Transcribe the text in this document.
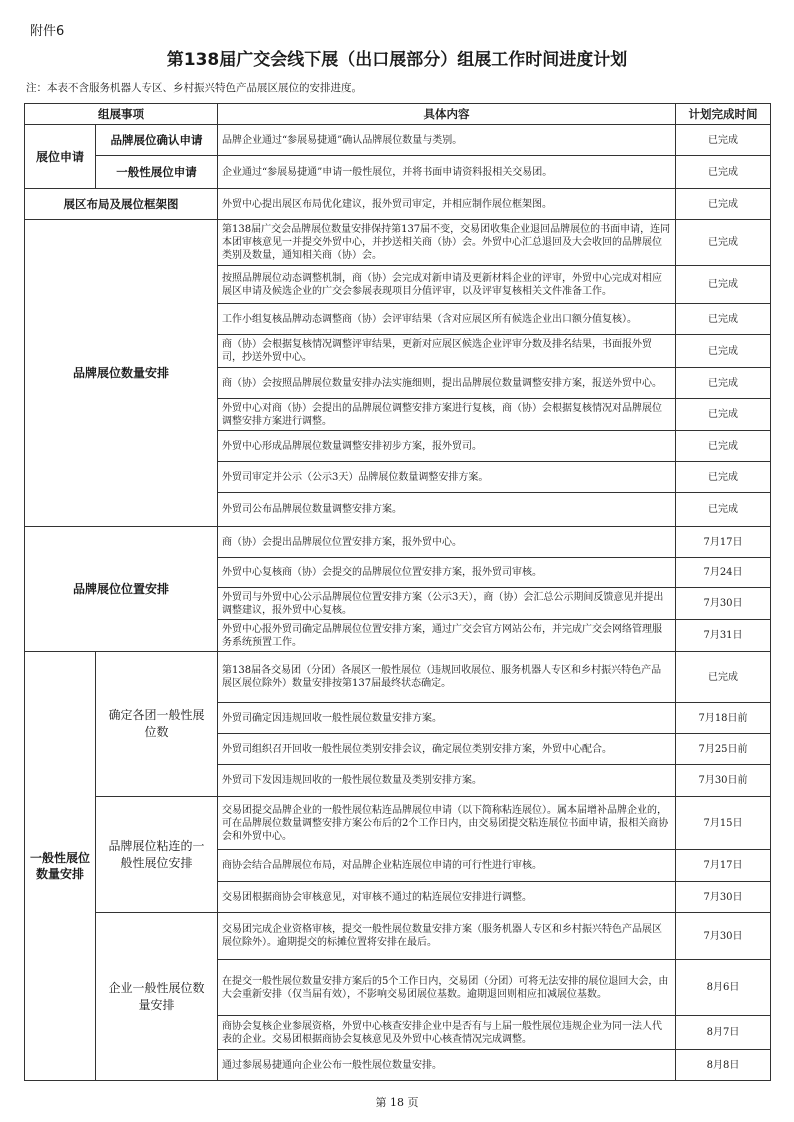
附件6
第138届广交会线下展（出口展部分）组展工作时间进度计划
注：本表不含服务机器人专区、乡村振兴特色产品展区展位的安排进度。
组展事项		具体内容	计划完成时间
展位申请	品牌展位确认申请	品牌企业通过“参展易捷通”确认品牌展位数量与类别。	已完成
	一般性展位申请	企业通过“参展易捷通”申请一般性展位，并将书面申请资料报相关交易团。	已完成
展区布局及展位框架图		外贸中心提出展区布局优化建议，报外贸司审定，并相应制作展位框架图。	已完成
品牌展位数量安排		第138届广交会品牌展位数量安排保持第137届不变，交易团收集企业退回品牌展位的书面申请，连同本团审核意见一并提交外贸中心，并抄送相关商（协）会。外贸中心汇总退回及大会收回的品牌展位类别及数量，通知相关商（协）会。	已完成
		按照品牌展位动态调整机制，商（协）会完成对新申请及更新材料企业的评审，外贸中心完成对相应展区申请及候选企业的广交会参展表现项目分值评审，以及评审复核相关文件准备工作。	已完成
		工作小组复核品牌动态调整商（协）会评审结果（含对应展区所有候选企业出口额分值复核）。	已完成
		商（协）会根据复核情况调整评审结果，更新对应展区候选企业评审分数及排名结果，书面报外贸司，抄送外贸中心。	已完成
		商（协）会按照品牌展位数量安排办法实施细则，提出品牌展位数量调整安排方案，报送外贸中心。	已完成
		外贸中心对商（协）会提出的品牌展位调整安排方案进行复核，商（协）会根据复核情况对品牌展位调整安排方案进行调整。	已完成
		外贸中心形成品牌展位数量调整安排初步方案，报外贸司。	已完成
		外贸司审定并公示（公示3天）品牌展位数量调整安排方案。	已完成
		外贸司公布品牌展位数量调整安排方案。	已完成
品牌展位位置安排		商（协）会提出品牌展位位置安排方案，报外贸中心。	7月17日
		外贸中心复核商（协）会提交的品牌展位位置安排方案，报外贸司审核。	7月24日
		外贸司与外贸中心公示品牌展位位置安排方案（公示3天），商（协）会汇总公示期间反馈意见并提出调整建议，报外贸中心复核。	7月30日
		外贸中心报外贸司确定品牌展位位置安排方案，通过广交会官方网站公布，并完成广交会网络管理服务系统预置工作。	7月31日
一般性展位数量安排	确定各团一般性展位数	第138届各交易团（分团）各展区一般性展位（违规回收展位、服务机器人专区和乡村振兴特色产品展区展位除外）数量安排按第137届最终状态确定。	已完成
		外贸司确定因违规回收一般性展位数量安排方案。	7月18日前
		外贸司组织召开回收一般性展位类别安排会议，确定展位类别安排方案，外贸中心配合。	7月25日前
		外贸司下发因违规回收的一般性展位数量及类别安排方案。	7月30日前
	品牌展位粘连的一般性展位安排	交易团提交品牌企业的一般性展位粘连品牌展位申请（以下简称粘连展位）。属本届增补品牌企业的，可在品牌展位数量调整安排方案公布后的2个工作日内，由交易团提交粘连展位书面申请，报相关商协会和外贸中心。	7月15日
		商协会结合品牌展位布局，对品牌企业粘连展位申请的可行性进行审核。	7月17日
		交易团根据商协会审核意见，对审核不通过的粘连展位安排进行调整。	7月30日
	企业一般性展位数量安排	交易团完成企业资格审核，提交一般性展位数量安排方案（服务机器人专区和乡村振兴特色产品展区展位除外）。逾期提交的标摊位置将安排在最后。	7月30日
		在提交一般性展位数量安排方案后的5个工作日内，交易团（分团）可将无法安排的展位退回大会，由大会重新安排（仅当届有效），不影响交易团展位基数。逾期退回则相应扣减展位基数。	8月6日
		商协会复核企业参展资格，外贸中心核查安排企业中是否有与上届一般性展位违规企业为同一法人代表的企业。交易团根据商协会复核意见及外贸中心核查情况完成调整。	8月7日
		通过参展易捷通向企业公布一般性展位数量安排。	8月8日
第 18 页
